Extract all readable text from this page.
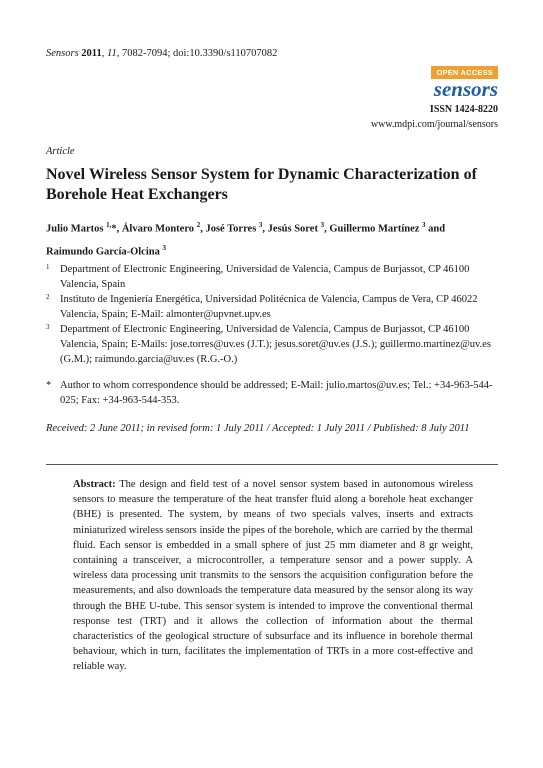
Sensors 2011, 11, 7082-7094; doi:10.3390/s110707082
OPEN ACCESS
sensors
ISSN 1424-8220
www.mdpi.com/journal/sensors
Article
Novel Wireless Sensor System for Dynamic Characterization of Borehole Heat Exchangers
Julio Martos $^{1,}$*, Álvaro Montero $^2$, José Torres $^3$, Jesús Soret $^3$, Guillermo Martínez $^3$ and
Raimundo García-Olcina $^3$
1 Department of Electronic Engineering, Universidad de Valencia, Campus de Burjassot, CP 46100 Valencia, Spain
2 Instituto de Ingeniería Energética, Universidad Politécnica de Valencia, Campus de Vera, CP 46022 Valencia, Spain; E-Mail: almonter@upvnet.upv.es
3 Department of Electronic Engineering, Universidad de Valencia, Campus de Burjassot, CP 46100 Valencia, Spain; E-Mails: jose.torres@uv.es (J.T.); jesus.soret@uv.es (J.S.); guillermo.martinez@uv.es (G.M.); raimundo.garcia@uv.es (R.G.-O.)
* Author to whom correspondence should be addressed; E-Mail: julio.martos@uv.es; Tel.: +34-963-544-025; Fax: +34-963-544-353.
Received: 2 June 2011; in revised form: 1 July 2011 / Accepted: 1 July 2011 / Published: 8 July 2011
Abstract: The design and field test of a novel sensor system based in autonomous wireless sensors to measure the temperature of the heat transfer fluid along a borehole heat exchanger (BHE) is presented. The system, by means of two specials valves, inserts and extracts miniaturized wireless sensors inside the pipes of the borehole, which are carried by the thermal fluid. Each sensor is embedded in a small sphere of just 25 mm diameter and 8 gr weight, containing a transceiver, a microcontroller, a temperature sensor and a power supply. A wireless data processing unit transmits to the sensors the acquisition configuration before the measurements, and also downloads the temperature data measured by the sensor along its way through the BHE U-tube. This sensor system is intended to improve the conventional thermal response test (TRT) and it allows the collection of information about the thermal characteristics of the geological structure of subsurface and its influence in borehole thermal behaviour, which in turn, facilitates the implementation of TRTs in a more cost-effective and reliable way.
